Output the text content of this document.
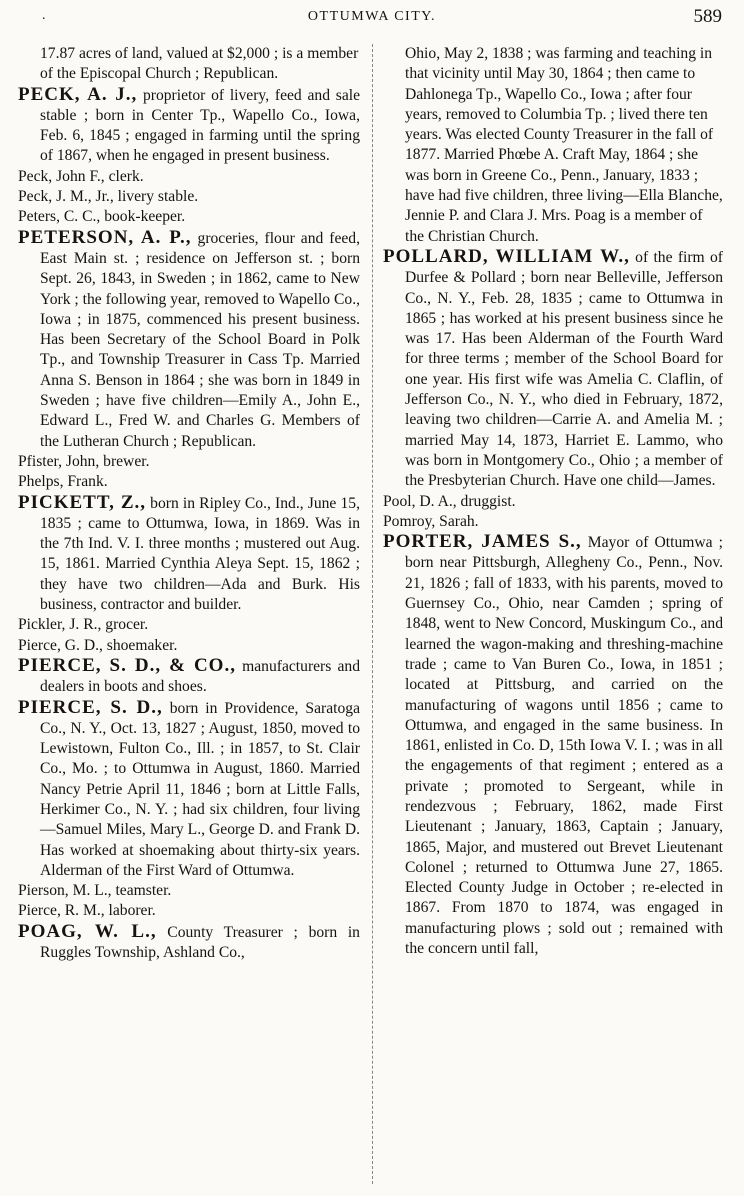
.	OTTUMWA CITY.	589
17.87 acres of land, valued at $2,000 ; is a member of the Episcopal Church ; Republican.
PECK, A. J., proprietor of livery, feed and sale stable ; born in Center Tp., Wapello Co., Iowa, Feb. 6, 1845 ; engaged in farming until the spring of 1867, when he engaged in present business.
Peck, John F., clerk.
Peck, J. M., Jr., livery stable.
Peters, C. C., book-keeper.
PETERSON, A. P., groceries, flour and feed, East Main st. ; residence on Jefferson st. ; born Sept. 26, 1843, in Sweden ; in 1862, came to New York ; the following year, removed to Wapello Co., Iowa ; in 1875, commenced his present business. Has been Secretary of the School Board in Polk Tp., and Township Treasurer in Cass Tp. Married Anna S. Benson in 1864 ; she was born in 1849 in Sweden ; have five children—Emily A., John E., Edward L., Fred W. and Charles G. Members of the Lutheran Church ; Republican.
Pfister, John, brewer.
Phelps, Frank.
PICKETT, Z., born in Ripley Co., Ind., June 15, 1835 ; came to Ottumwa, Iowa, in 1869. Was in the 7th Ind. V. I. three months ; mustered out Aug. 15, 1861. Married Cynthia Aleya Sept. 15, 1862 ; they have two children—Ada and Burk. His business, contractor and builder.
Pickler, J. R., grocer.
Pierce, G. D., shoemaker.
PIERCE, S. D., & CO., manufacturers and dealers in boots and shoes.
PIERCE, S. D., born in Providence, Saratoga Co., N. Y., Oct. 13, 1827 ; August, 1850, moved to Lewistown, Fulton Co., Ill. ; in 1857, to St. Clair Co., Mo. ; to Ottumwa in August, 1860. Married Nancy Petrie April 11, 1846 ; born at Little Falls, Herkimer Co., N. Y. ; had six children, four living—Samuel Miles, Mary L., George D. and Frank D. Has worked at shoemaking about thirty-six years. Alderman of the First Ward of Ottumwa.
Pierson, M. L., teamster.
Pierce, R. M., laborer.
POAG, W. L., County Treasurer ; born in Ruggles Township, Ashland Co.,
Ohio, May 2, 1838 ; was farming and teaching in that vicinity until May 30, 1864 ; then came to Dahlonega Tp., Wapello Co., Iowa ; after four years, removed to Columbia Tp. ; lived there ten years. Was elected County Treasurer in the fall of 1877. Married Phœbe A. Craft May, 1864 ; she was born in Greene Co., Penn., January, 1833 ; have had five children, three living—Ella Blanche, Jennie P. and Clara J. Mrs. Poag is a member of the Christian Church.
POLLARD, WILLIAM W., of the firm of Durfee & Pollard ; born near Belleville, Jefferson Co., N. Y., Feb. 28, 1835 ; came to Ottumwa in 1865 ; has worked at his present business since he was 17. Has been Alderman of the Fourth Ward for three terms ; member of the School Board for one year. His first wife was Amelia C. Claflin, of Jefferson Co., N. Y., who died in February, 1872, leaving two children—Carrie A. and Amelia M. ; married May 14, 1873, Harriet E. Lammo, who was born in Montgomery Co., Ohio ; a member of the Presbyterian Church. Have one child—James.
Pool, D. A., druggist.
Pomroy, Sarah.
PORTER, JAMES S., Mayor of Ottumwa ; born near Pittsburgh, Allegheny Co., Penn., Nov. 21, 1826 ; fall of 1833, with his parents, moved to Guernsey Co., Ohio, near Camden ; spring of 1848, went to New Concord, Muskingum Co., and learned the wagon-making and threshing-machine trade ; came to Van Buren Co., Iowa, in 1851 ; located at Pittsburg, and carried on the manufacturing of wagons until 1856 ; came to Ottumwa, and engaged in the same business. In 1861, enlisted in Co. D, 15th Iowa V. I. ; was in all the engagements of that regiment ; entered as a private ; promoted to Sergeant, while in rendezvous ; February, 1862, made First Lieutenant ; January, 1863, Captain ; January, 1865, Major, and mustered out Brevet Lieutenant Colonel ; returned to Ottumwa June 27, 1865. Elected County Judge in October ; re-elected in 1867. From 1870 to 1874, was engaged in manufacturing plows ; sold out ; remained with the concern until fall,
